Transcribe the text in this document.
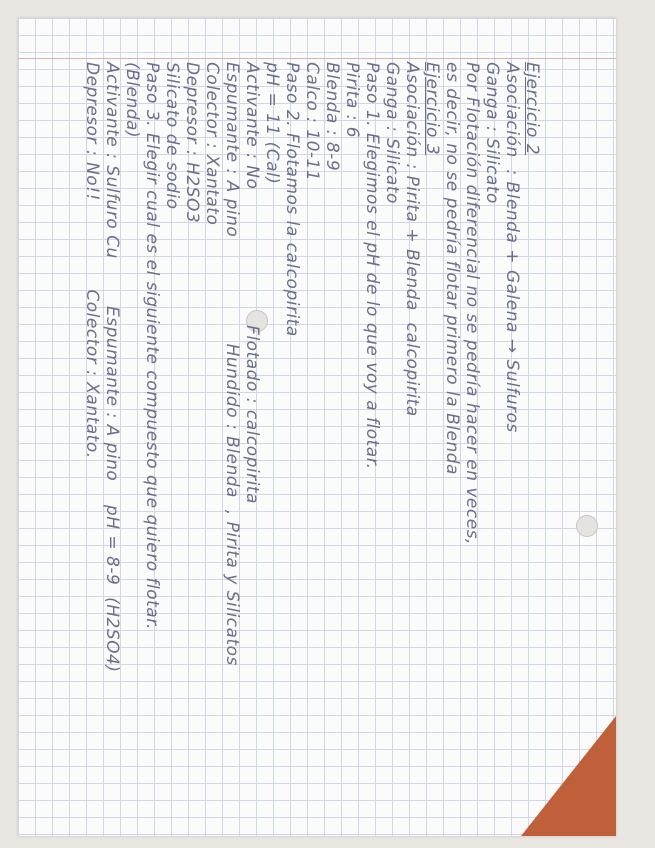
Ejercicio 2
Asociación  : Blenda + Galena → Sulfuros
Ganga : Silicato
Por Flotación diferencial no se pedría hacer en veces,
es decir, no se pedría flotar primero la Blenda
Ejercicio 3
Asociación : Pirita + Blenda  calcopirita
Ganga : Silicato
Paso 1. Elegimos el pH de lo que voy a flotar.
Pirita : 6
Blenda : 8-9
Calco : 10-11
Paso 2. Flotamos la calcopirita
pH = 11 (Cal)
Activante : No                       Flotado : calcopirita
Espumante : A pino                  Hundido : Blenda  , Pirita y Silicatos
Colector : Xantato
Depresor : H2SO3
Silicato de sodio
Paso 3. Elegir cual es el siguiente compuesto que quiero flotar.
(Blenda)
Activante : Sulfuro Cu        Espumante : A pino    pH = 8-9  (H2SO4)
Depresor : No!!               Colector : Xantato.
